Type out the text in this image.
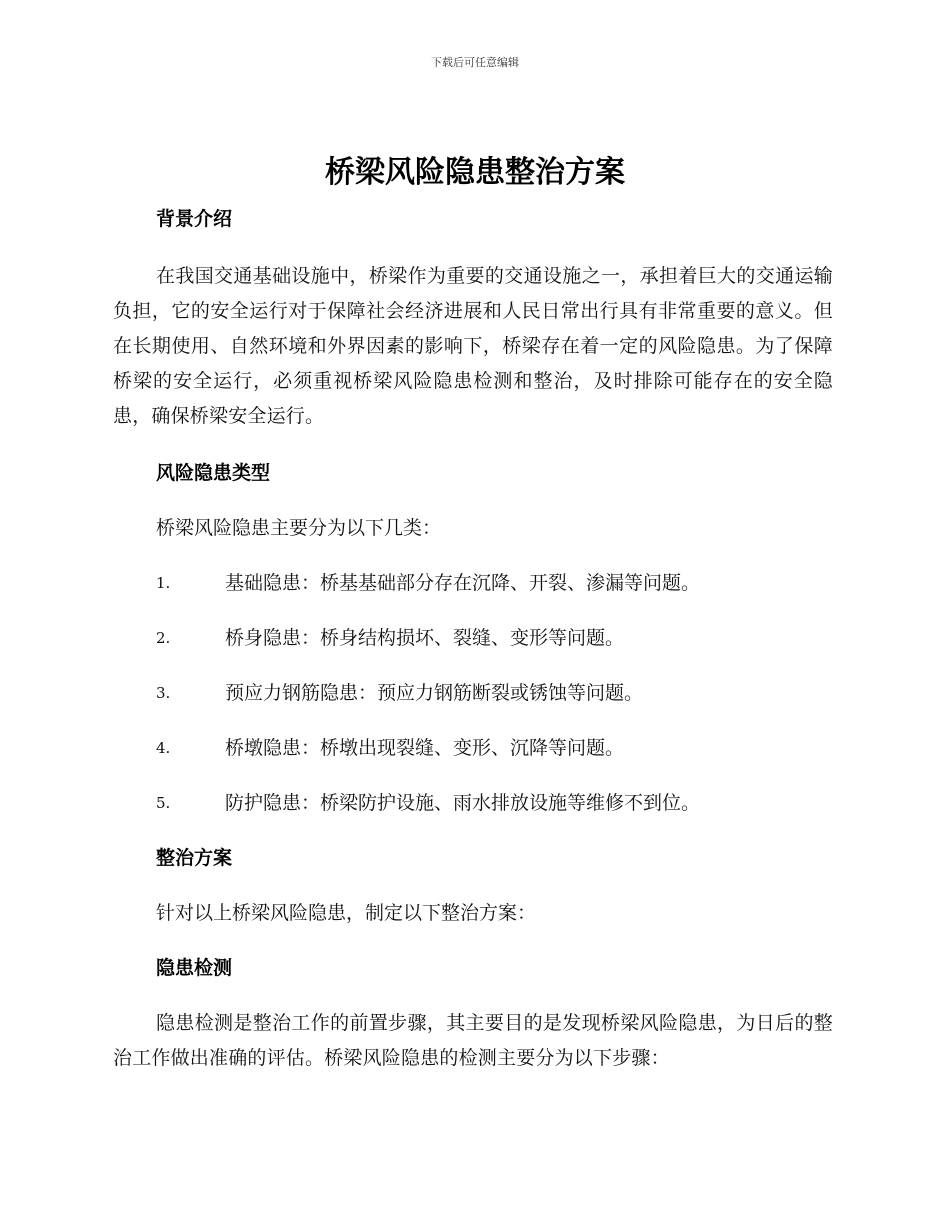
下载后可任意编辑
桥梁风险隐患整治方案
背景介绍

在我国交通基础设施中，桥梁作为重要的交通设施之一，承担着巨大的交通运输负担，它的安全运行对于保障社会经济进展和人民日常出行具有非常重要的意义。但在长期使用、自然环境和外界因素的影响下，桥梁存在着一定的风险隐患。为了保障桥梁的安全运行，必须重视桥梁风险隐患检测和整治，及时排除可能存在的安全隐患，确保桥梁安全运行。

风险隐患类型

桥梁风险隐患主要分为以下几类：

1.	基础隐患：桥基基础部分存在沉降、开裂、渗漏等问题。
2.	桥身隐患：桥身结构损坏、裂缝、变形等问题。
3.	预应力钢筋隐患：预应力钢筋断裂或锈蚀等问题。
4.	桥墩隐患：桥墩出现裂缝、变形、沉降等问题。
5.	防护隐患：桥梁防护设施、雨水排放设施等维修不到位。
整治方案

针对以上桥梁风险隐患，制定以下整治方案：

隐患检测

隐患检测是整治工作的前置步骤，其主要目的是发现桥梁风险隐患，为日后的整治工作做出准确的评估。桥梁风险隐患的检测主要分为以下步骤：
